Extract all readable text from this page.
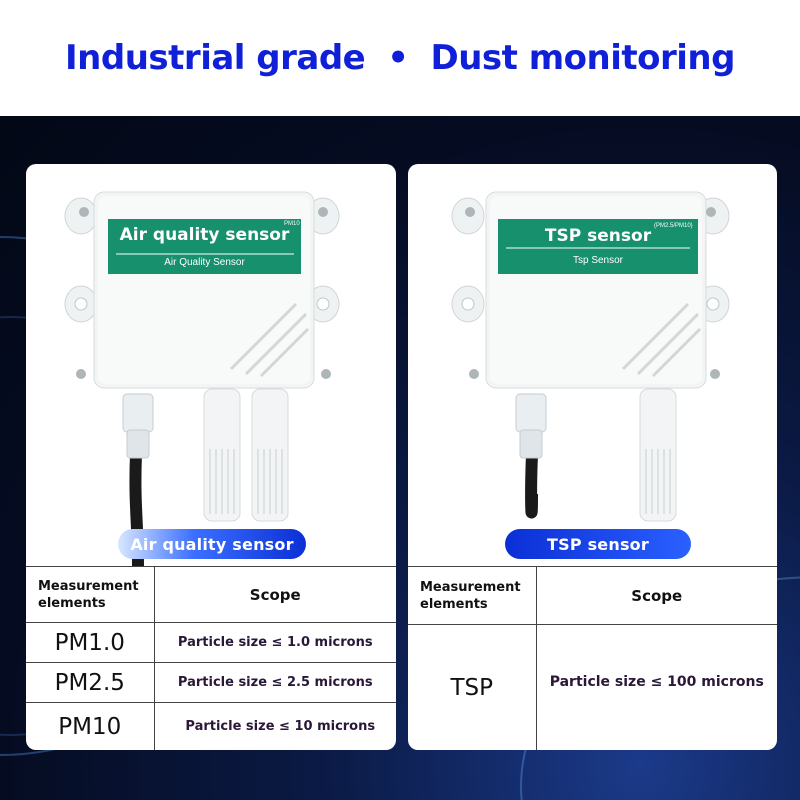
Industrial grade • Dust monitoring
Air quality sensor
Air Quality Sensor
PM10
Air quality sensor
Measurement elements	Scope
PM1.0	Particle size ≤ 1.0 microns
PM2.5	Particle size ≤ 2.5 microns
PM10	Particle size ≤ 10 microns
TSP sensor
Tsp Sensor
(PM2.5/PM10)
TSP sensor
Measurement elements	Scope
TSP	Particle size ≤ 100 microns
